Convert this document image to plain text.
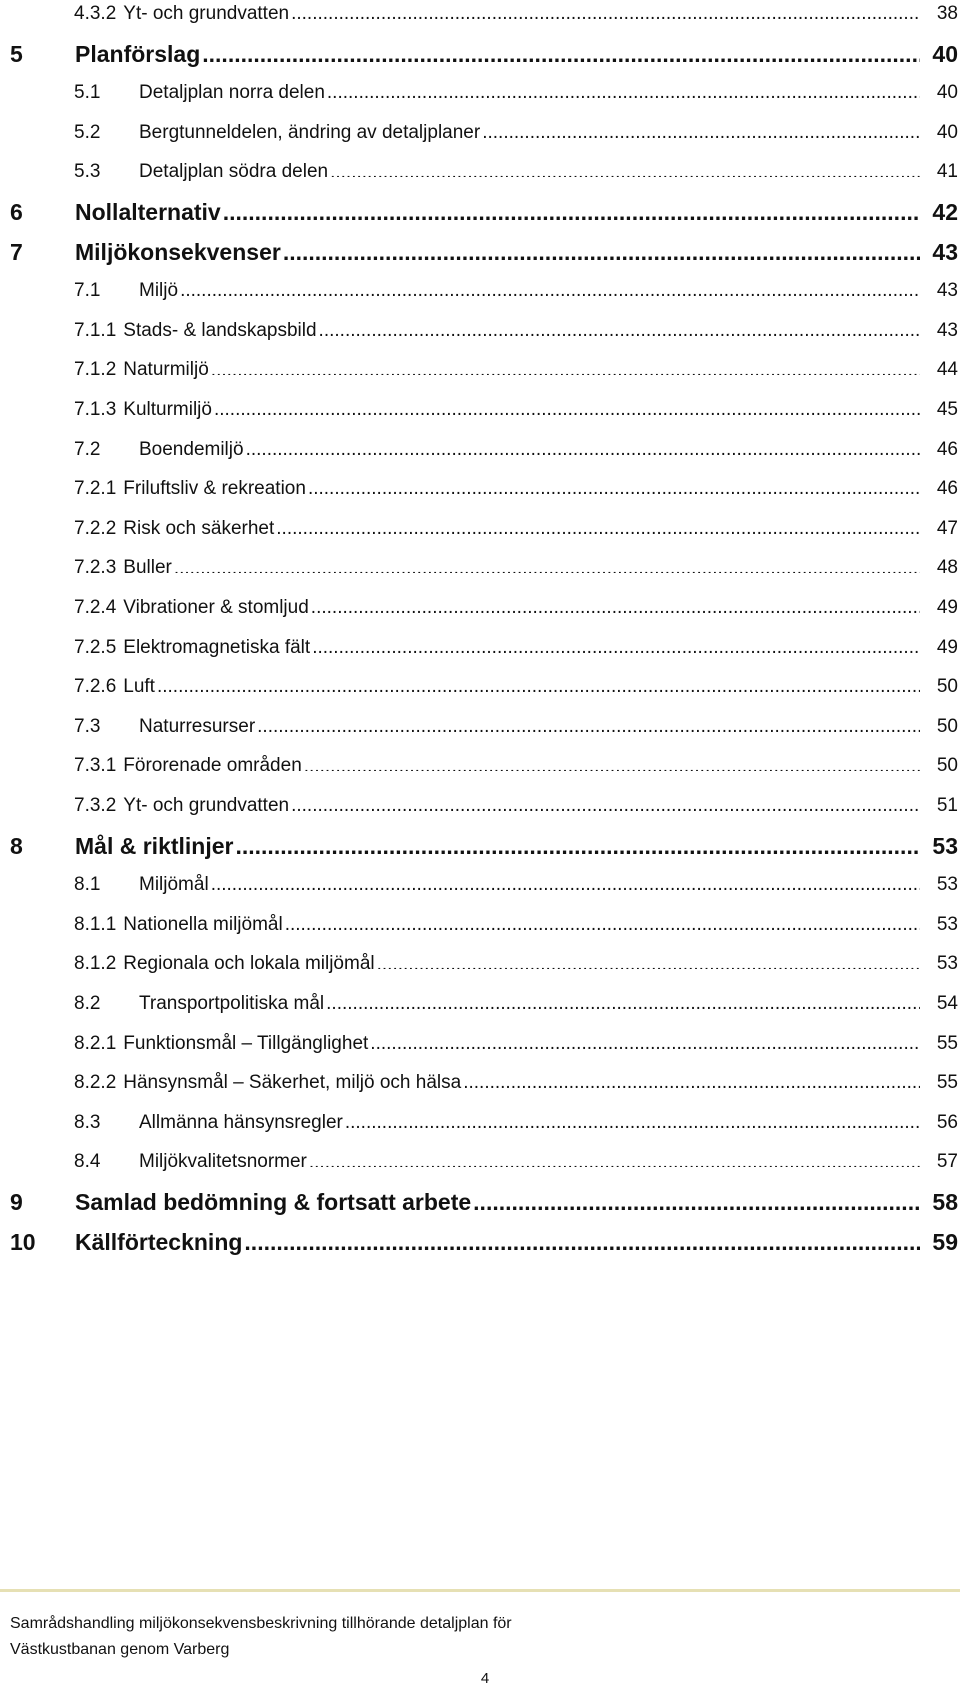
4.3.2 Yt- och grundvatten .....	38
5	Planförslag .....	40
5.1	Detaljplan norra delen .....	40
5.2	Bergtunneldelen, ändring av detaljplaner .....	40
5.3	Detaljplan södra delen .....	41
6	Nollalternativ .....	42
7	Miljökonsekvenser .....	43
7.1	Miljö .....	43
7.1.1 Stads- & landskapsbild .....	43
7.1.2 Naturmiljö .....	44
7.1.3 Kulturmiljö .....	45
7.2	Boendemiljö .....	46
7.2.1 Friluftsliv & rekreation .....	46
7.2.2 Risk och säkerhet .....	47
7.2.3 Buller .....	48
7.2.4 Vibrationer & stomljud .....	49
7.2.5 Elektromagnetiska fält .....	49
7.2.6 Luft .....	50
7.3	Naturresurser .....	50
7.3.1 Förorenade områden .....	50
7.3.2 Yt- och grundvatten .....	51
8	Mål & riktlinjer .....	53
8.1	Miljömål .....	53
8.1.1 Nationella miljömål .....	53
8.1.2 Regionala och lokala miljömål .....	53
8.2	Transportpolitiska mål .....	54
8.2.1 Funktionsmål – Tillgänglighet .....	55
8.2.2 Hänsynsmål – Säkerhet, miljö och hälsa .....	55
8.3	Allmänna hänsynsregler .....	56
8.4	Miljökvalitetsnormer .....	57
9	Samlad bedömning & fortsatt arbete .....	58
10	Källförteckning .....	59
Samrådshandling miljökonsekvensbeskrivning tillhörande detaljplan för
Västkustbanan genom Varberg
4
